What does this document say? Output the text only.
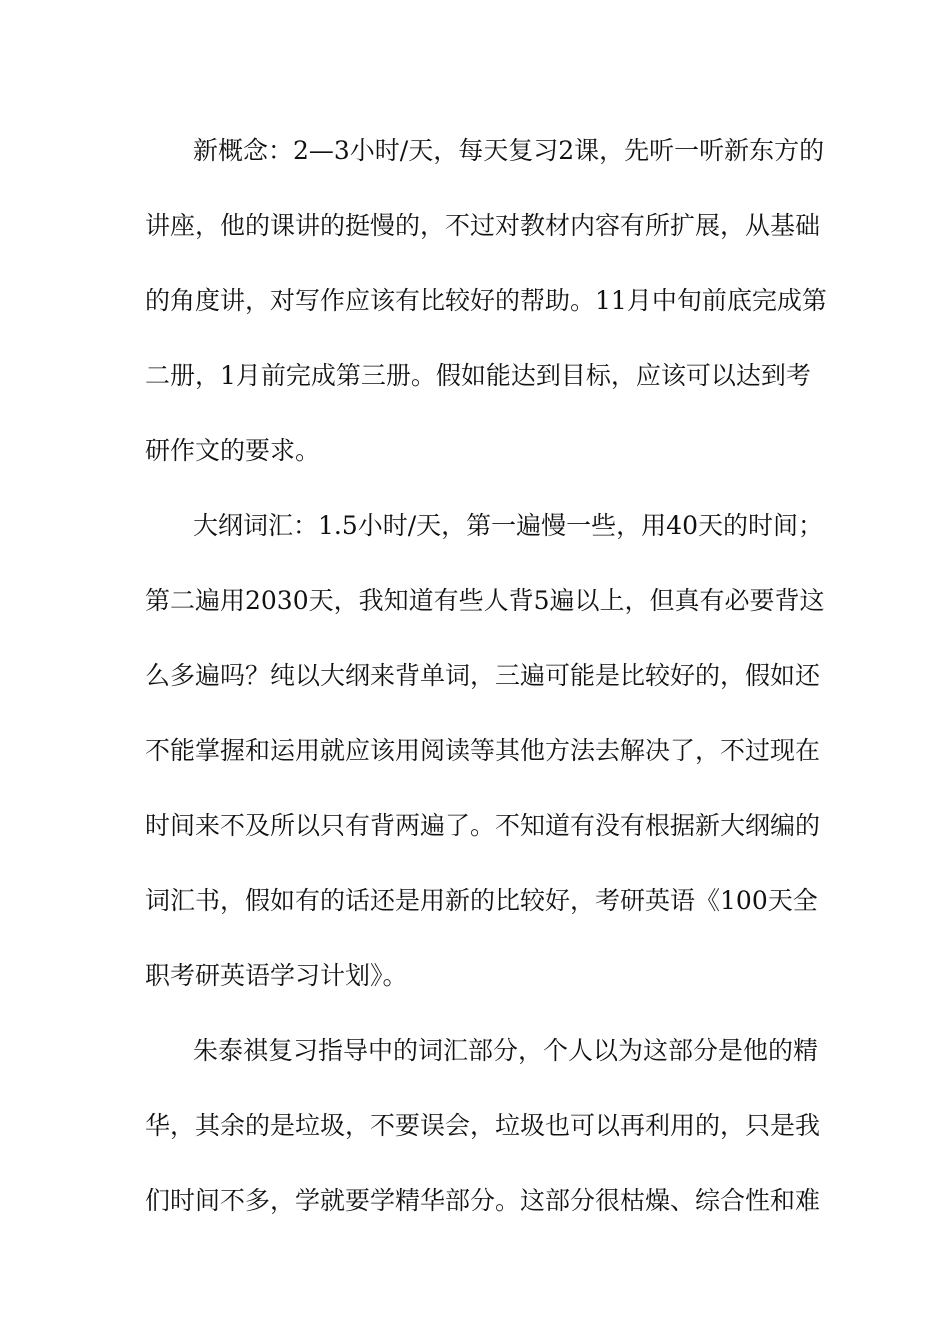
新概念：2—3小时/天，每天复习2课，先听一听新东方的
讲座，他的课讲的挺慢的，不过对教材内容有所扩展，从基础
的角度讲，对写作应该有比较好的帮助。11月中旬前底完成第
二册，1月前完成第三册。假如能达到目标，应该可以达到考
研作文的要求。
大纲词汇：1.5小时/天，第一遍慢一些，用40天的时间；
第二遍用2030天，我知道有些人背5遍以上，但真有必要背这
么多遍吗？纯以大纲来背单词，三遍可能是比较好的，假如还
不能掌握和运用就应该用阅读等其他方法去解决了，不过现在
时间来不及所以只有背两遍了。不知道有没有根据新大纲编的
词汇书，假如有的话还是用新的比较好，考研英语《100天全
职考研英语学习计划》。
朱泰祺复习指导中的词汇部分，个人以为这部分是他的精
华，其余的是垃圾，不要误会，垃圾也可以再利用的，只是我
们时间不多，学就要学精华部分。这部分很枯燥、综合性和难
